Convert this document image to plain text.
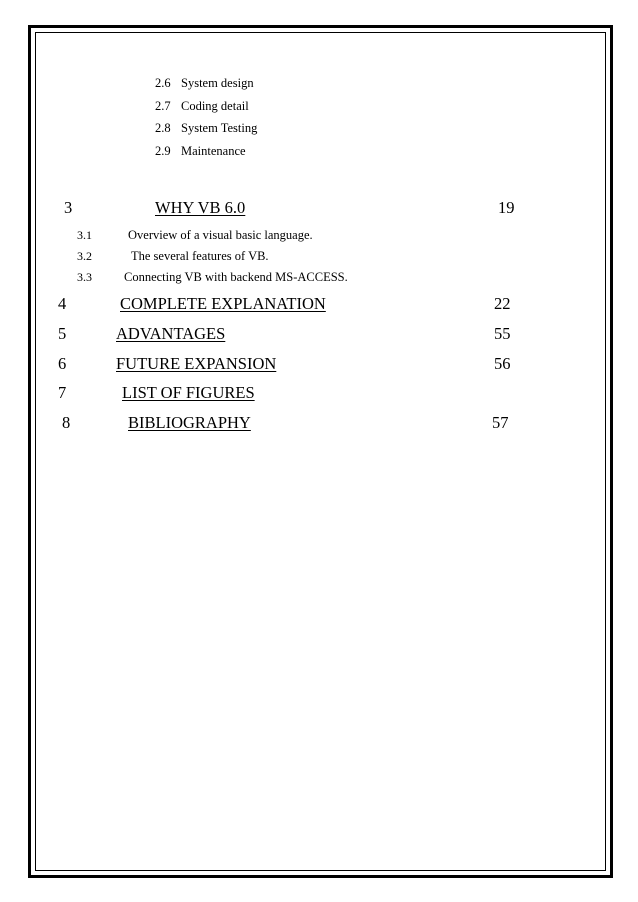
2.6 System design
2.7 Coding detail
2.8 System Testing
2.9 Maintenance
3	WHY VB 6.0	19
3.1	Overview of a visual basic language.
3.2	The several features of VB.
3.3	Connecting VB with backend MS-ACCESS.
4	COMPLETE EXPLANATION	22
5	ADVANTAGES	55
6	FUTURE EXPANSION	56
7	LIST OF FIGURES
8	BIBLIOGRAPHY	57
